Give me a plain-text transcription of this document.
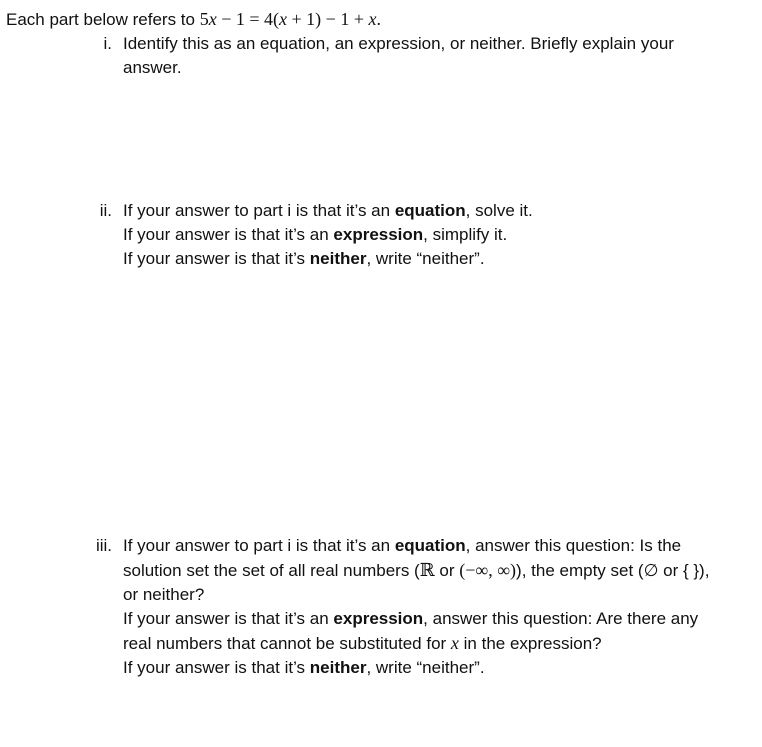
Each part below refers to 5x − 1 = 4(x + 1) − 1 + x.
i. Identify this as an equation, an expression, or neither. Briefly explain your answer.
ii. If your answer to part i is that it’s an equation, solve it.
If your answer is that it’s an expression, simplify it.
If your answer is that it’s neither, write “neither”.
iii. If your answer to part i is that it’s an equation, answer this question: Is the solution set the set of all real numbers (ℝ or (−∞, ∞)), the empty set (∅ or { }), or neither?
If your answer is that it’s an expression, answer this question: Are there any real numbers that cannot be substituted for x in the expression?
If your answer is that it’s neither, write “neither”.
